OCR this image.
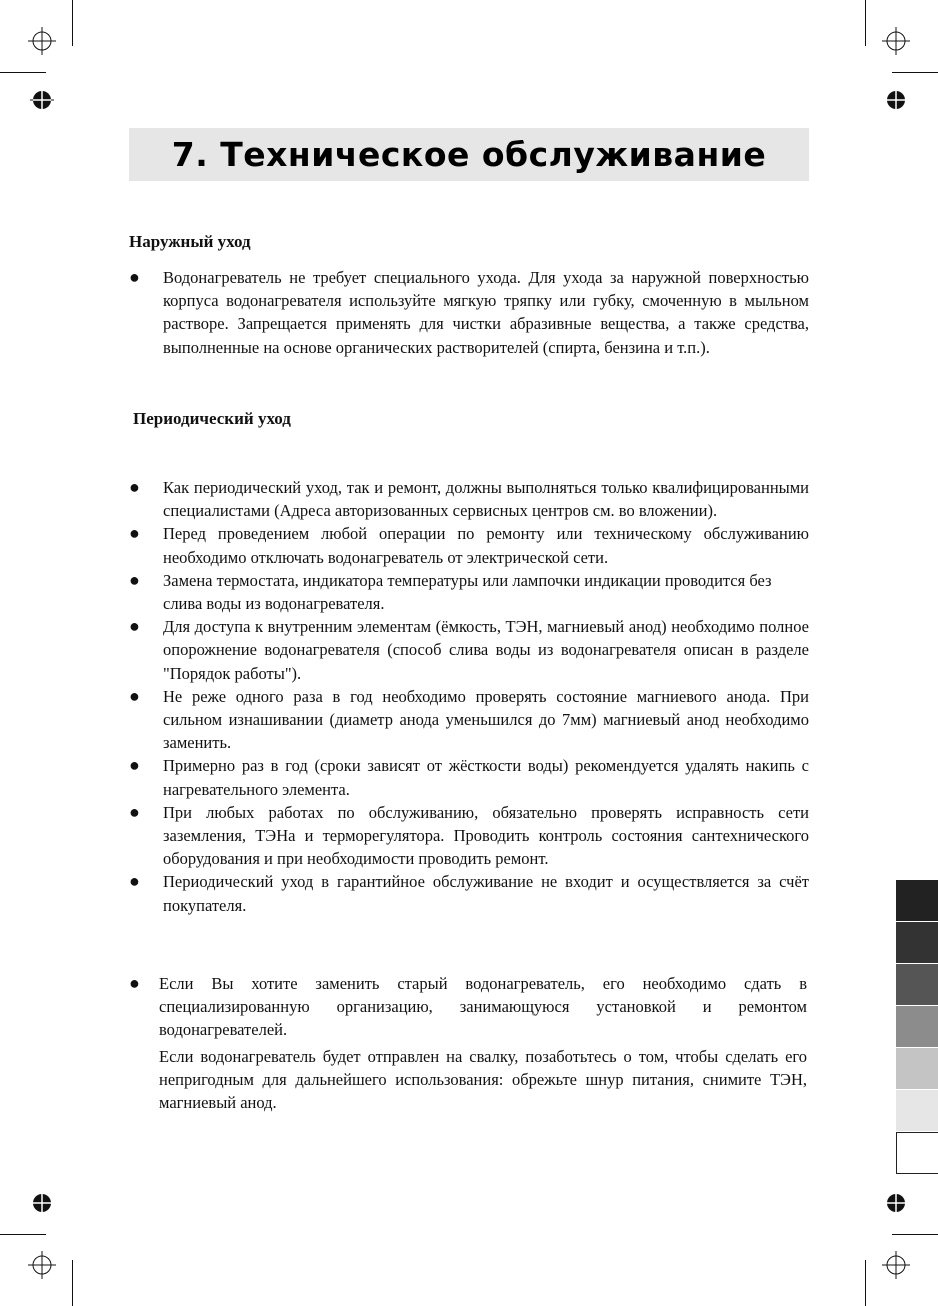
7. Техническое обслуживание
Наружный уход
● Водонагреватель не требует специального ухода. Для ухода за наружной поверхностью корпуса водонагревателя используйте мягкую тряпку или губку, смоченную в мыльном растворе. Запрещается применять для чистки абразивные вещества, а также средства, выполненные на основе органических растворителей (спирта, бензина и т.п.).
Периодический уход
● Как периодический уход, так и ремонт, должны выполняться только квалифицированными специалистами (Адреса авторизованных сервисных центров см. во вложении).
● Перед проведением любой операции по ремонту или техническому обслуживанию необходимо отключать водонагреватель от электрической сети.
● Замена термостата, индикатора температуры или лампочки индикации проводится без слива воды из водонагревателя.
● Для доступа к внутренним элементам (ёмкость, ТЭН, магниевый анод) необходимо полное опорожнение водонагревателя (способ слива воды из водонагревателя описан в разделе "Порядок работы").
● Не реже одного раза в год необходимо проверять состояние магниевого анода. При сильном изнашивании (диаметр анода уменьшился до 7мм) магниевый анод необходимо заменить.
● Примерно раз в год (сроки зависят от жёсткости воды) рекомендуется удалять накипь с нагревательного элемента.
● При любых работах по обслуживанию, обязательно проверять исправность сети заземления, ТЭНа и терморегулятора. Проводить контроль состояния сантехнического оборудования и при необходимости проводить ремонт.
● Периодический уход в гарантийное обслуживание не входит и осуществляется за счёт покупателя.
● Если Вы хотите заменить старый водонагреватель, его необходимо сдать в специализированную организацию, занимающуюся установкой и ремонтом водонагревателей.
Если водонагреватель будет отправлен на свалку, позаботьтесь о том, чтобы сделать его непригодным для дальнейшего использования: обрежьте шнур питания, снимите ТЭН, магниевый анод.
